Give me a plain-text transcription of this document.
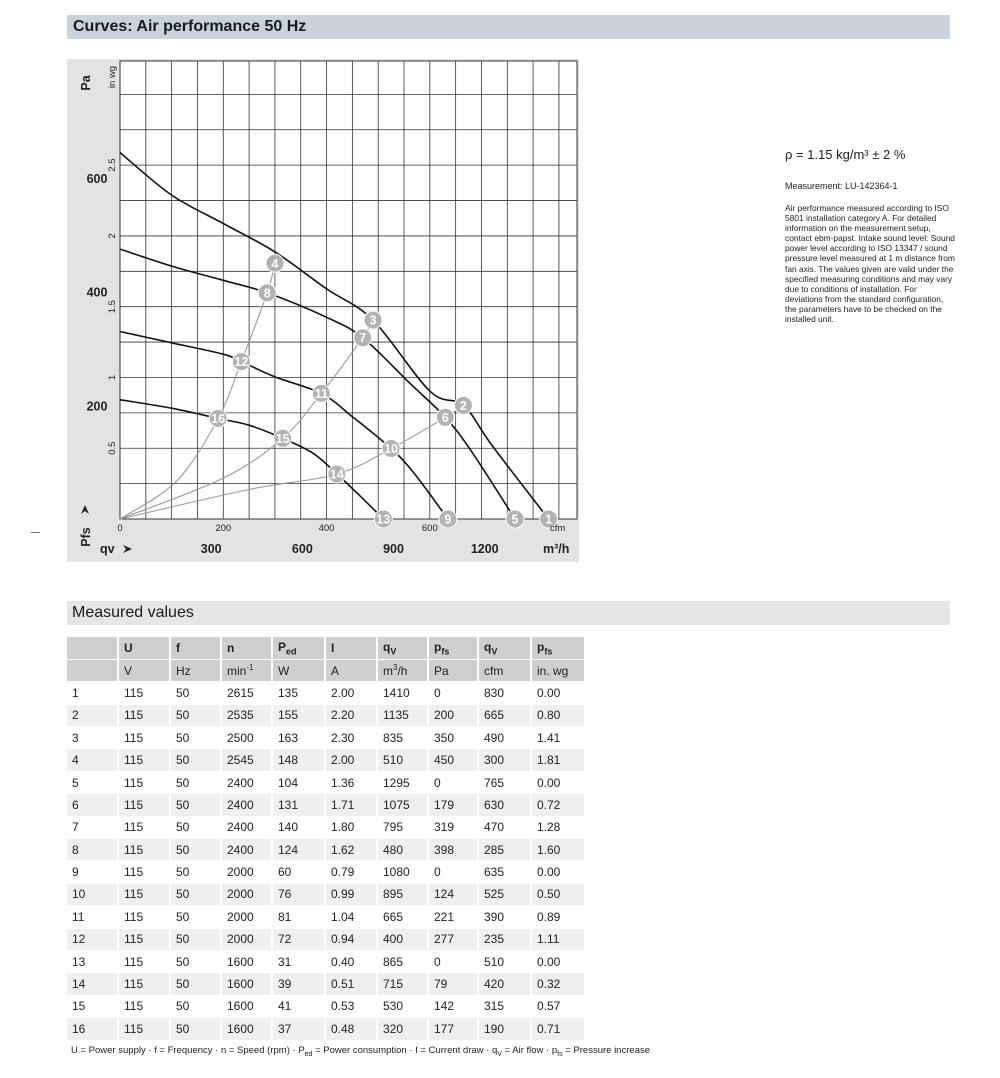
Curves: Air performance 50 Hz
1
2
3
4
5
6
7
8
9
10
11
12
13
14
15
16
0	200	400	600	cfm
300	600	900	1200	m³/h
qv
200
400
600
Pa
0.5
1
1.5
2
2.5
in wg
Pfs
ρ = 1.15 kg/m³ ± 2 %
Measurement: LU-142364-1
Air performance measured according to ISO 5801 installation category A. For detailed information on the measurement setup, contact ebm-papst. Intake sound level: Sound power level according to ISO 13347 / sound pressure level measured at 1 m distance from fan axis. The values given are valid under the specified measuring conditions and may vary due to conditions of installation. For deviations from the standard configuration, the parameters have to be checked on the installed unit.
Measured values
	U	f	n	$P_{ed}$	I	$q_V$	$p_{fs}$	$q_V$	$p_{fs}$
	V	Hz	$\min^{-1}$	W	A	$m^3/h$	Pa	cfm	in. wg
1	115	50	2615	135	2.00	1410	0	830	0.00
2	115	50	2535	155	2.20	1135	200	665	0.80
3	115	50	2500	163	2.30	835	350	490	1.41
4	115	50	2545	148	2.00	510	450	300	1.81
5	115	50	2400	104	1.36	1295	0	765	0.00
6	115	50	2400	131	1.71	1075	179	630	0.72
7	115	50	2400	140	1.80	795	319	470	1.28
8	115	50	2400	124	1.62	480	398	285	1.60
9	115	50	2000	60	0.79	1080	0	635	0.00
10	115	50	2000	76	0.99	895	124	525	0.50
11	115	50	2000	81	1.04	665	221	390	0.89
12	115	50	2000	72	0.94	400	277	235	1.11
13	115	50	1600	31	0.40	865	0	510	0.00
14	115	50	1600	39	0.51	715	79	420	0.32
15	115	50	1600	41	0.53	530	142	315	0.57
16	115	50	1600	37	0.48	320	177	190	0.71
U = Power supply · f = Frequency · n = Speed $(rpm) \cdot P_{ed}$ = Power consumption · I = Current draw · $q_V$ = Air flow · $p_{fs}$ = Pressure increase
